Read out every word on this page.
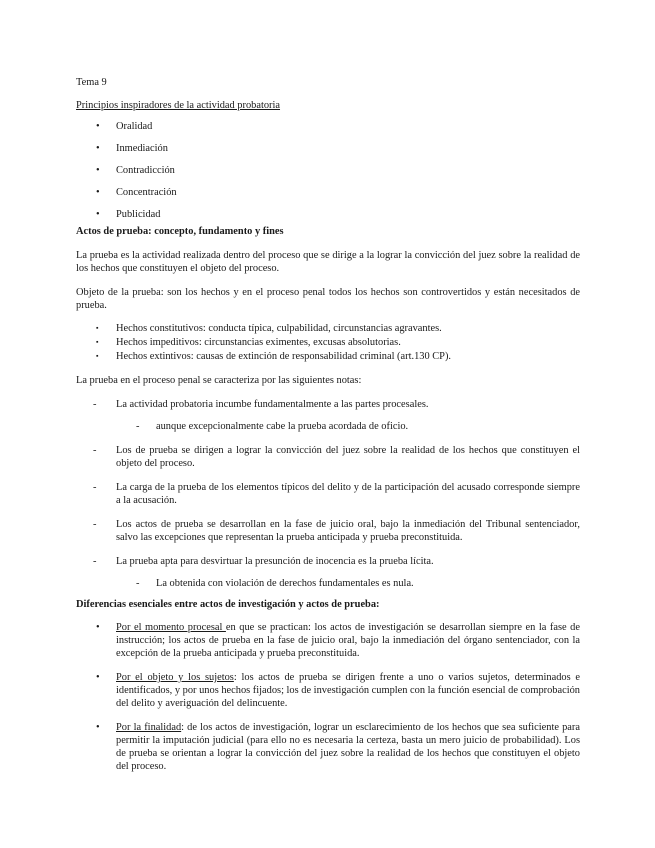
Tema 9

Principios inspiradores de la actividad probatoria

• Oralidad
• Inmediación
• Contradicción
• Concentración
• Publicidad

Actos de prueba: concepto, fundamento y fines

La prueba es la actividad realizada dentro del proceso que se dirige a la lograr la convicción del juez sobre la realidad de los hechos que constituyen el objeto del proceso.

Objeto de la prueba: son los hechos y en el proceso penal todos los hechos son controvertidos y están necesitados de prueba.

▪ Hechos constitutivos: conducta típica, culpabilidad, circunstancias agravantes.
▪ Hechos impeditivos: circunstancias eximentes, excusas absolutorias.
▪ Hechos extintivos: causas de extinción de responsabilidad criminal (art.130 CP).

La prueba en el proceso penal se caracteriza por las siguientes notas:

- La actividad probatoria incumbe fundamentalmente a las partes procesales.
- aunque excepcionalmente cabe la prueba acordada de oficio.
- Los de prueba se dirigen a lograr la convicción del juez sobre la realidad de los hechos que constituyen el objeto del proceso.
- La carga de la prueba de los elementos típicos del delito y de la participación del acusado corresponde siempre a la acusación.
- Los actos de prueba se desarrollan en la fase de juicio oral, bajo la inmediación del Tribunal sentenciador, salvo las excepciones que representan la prueba anticipada y prueba preconstituida.
- La prueba apta para desvirtuar la presunción de inocencia es la prueba lícita.
- La obtenida con violación de derechos fundamentales es nula.

Diferencias esenciales entre actos de investigación y actos de prueba:

• Por el momento procesal en que se practican: los actos de investigación se desarrollan siempre en la fase de instrucción; los actos de prueba en la fase de juicio oral, bajo la inmediación del órgano sentenciador, con la excepción de la prueba anticipada y prueba preconstituida.
• Por el objeto y los sujetos: los actos de prueba se dirigen frente a uno o varios sujetos, determinados e identificados, y por unos hechos fijados; los de investigación cumplen con la función esencial de comprobación del delito y averiguación del delincuente.
• Por la finalidad: de los actos de investigación, lograr un esclarecimiento de los hechos que sea suficiente para permitir la imputación judicial (para ello no es necesaria la certeza, basta un mero juicio de probabilidad). Los de prueba se orientan a lograr la convicción del juez sobre la realidad de los hechos que constituyen el objeto del proceso.
